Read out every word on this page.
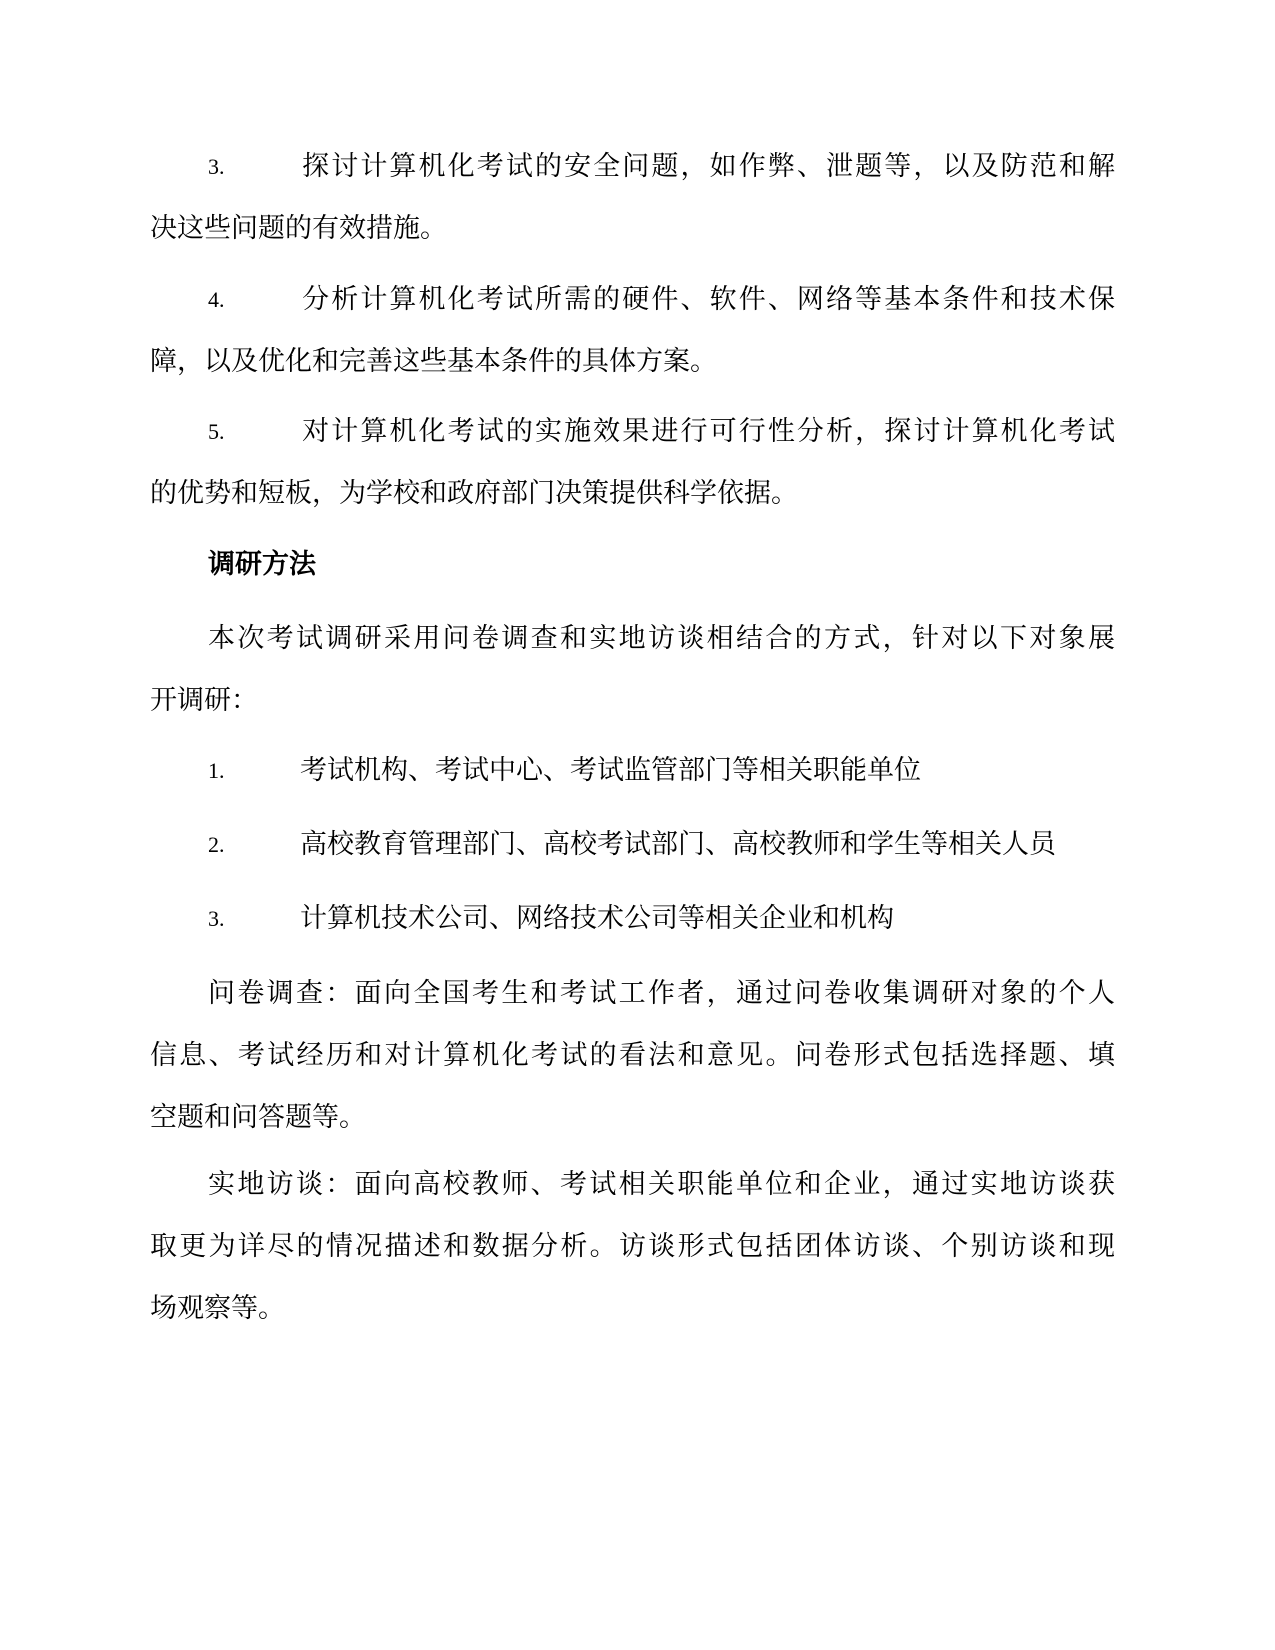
3.	探讨计算机化考试的安全问题，如作弊、泄题等，以及防范和解
决这些问题的有效措施。
4.	分析计算机化考试所需的硬件、软件、网络等基本条件和技术保
障，以及优化和完善这些基本条件的具体方案。
5.	对计算机化考试的实施效果进行可行性分析，探讨计算机化考试
的优势和短板，为学校和政府部门决策提供科学依据。
调研方法
本次考试调研采用问卷调查和实地访谈相结合的方式，针对以下对象展
开调研：
1.	考试机构、考试中心、考试监管部门等相关职能单位
2.	高校教育管理部门、高校考试部门、高校教师和学生等相关人员
3.	计算机技术公司、网络技术公司等相关企业和机构
问卷调查：面向全国考生和考试工作者，通过问卷收集调研对象的个人
信息、考试经历和对计算机化考试的看法和意见。问卷形式包括选择题、填
空题和问答题等。
实地访谈：面向高校教师、考试相关职能单位和企业，通过实地访谈获
取更为详尽的情况描述和数据分析。访谈形式包括团体访谈、个别访谈和现
场观察等。
